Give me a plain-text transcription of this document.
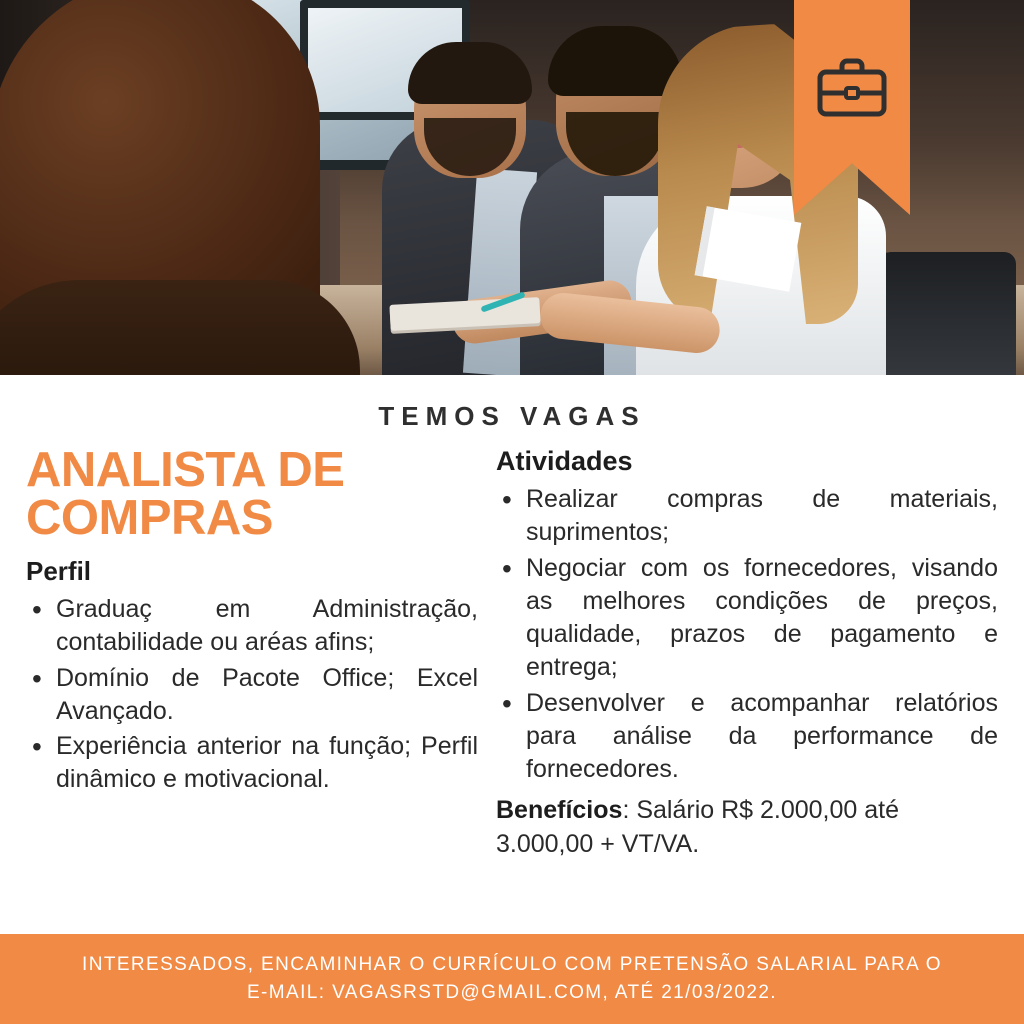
TEMOS VAGAS
ANALISTA DE COMPRAS
Perfil
• Graduaç em Administração, contabilidade ou aréas afins;
• Domínio de Pacote Office; Excel Avançado.
• Experiência anterior na função; Perfil dinâmico e motivacional.
Atividades
• Realizar compras de materiais, suprimentos;
• Negociar com os fornecedores, visando as melhores condições de preços, qualidade, prazos de pagamento e entrega;
• Desenvolver e acompanhar relatórios para análise da performance de fornecedores.
Benefícios: Salário R$ 2.000,00 até 3.000,00 + VT/VA.
INTERESSADOS, ENCAMINHAR O CURRÍCULO COM PRETENSÃO SALARIAL PARA O
E-MAIL: VAGASRSTD@GMAIL.COM, ATÉ 21/03/2022.
